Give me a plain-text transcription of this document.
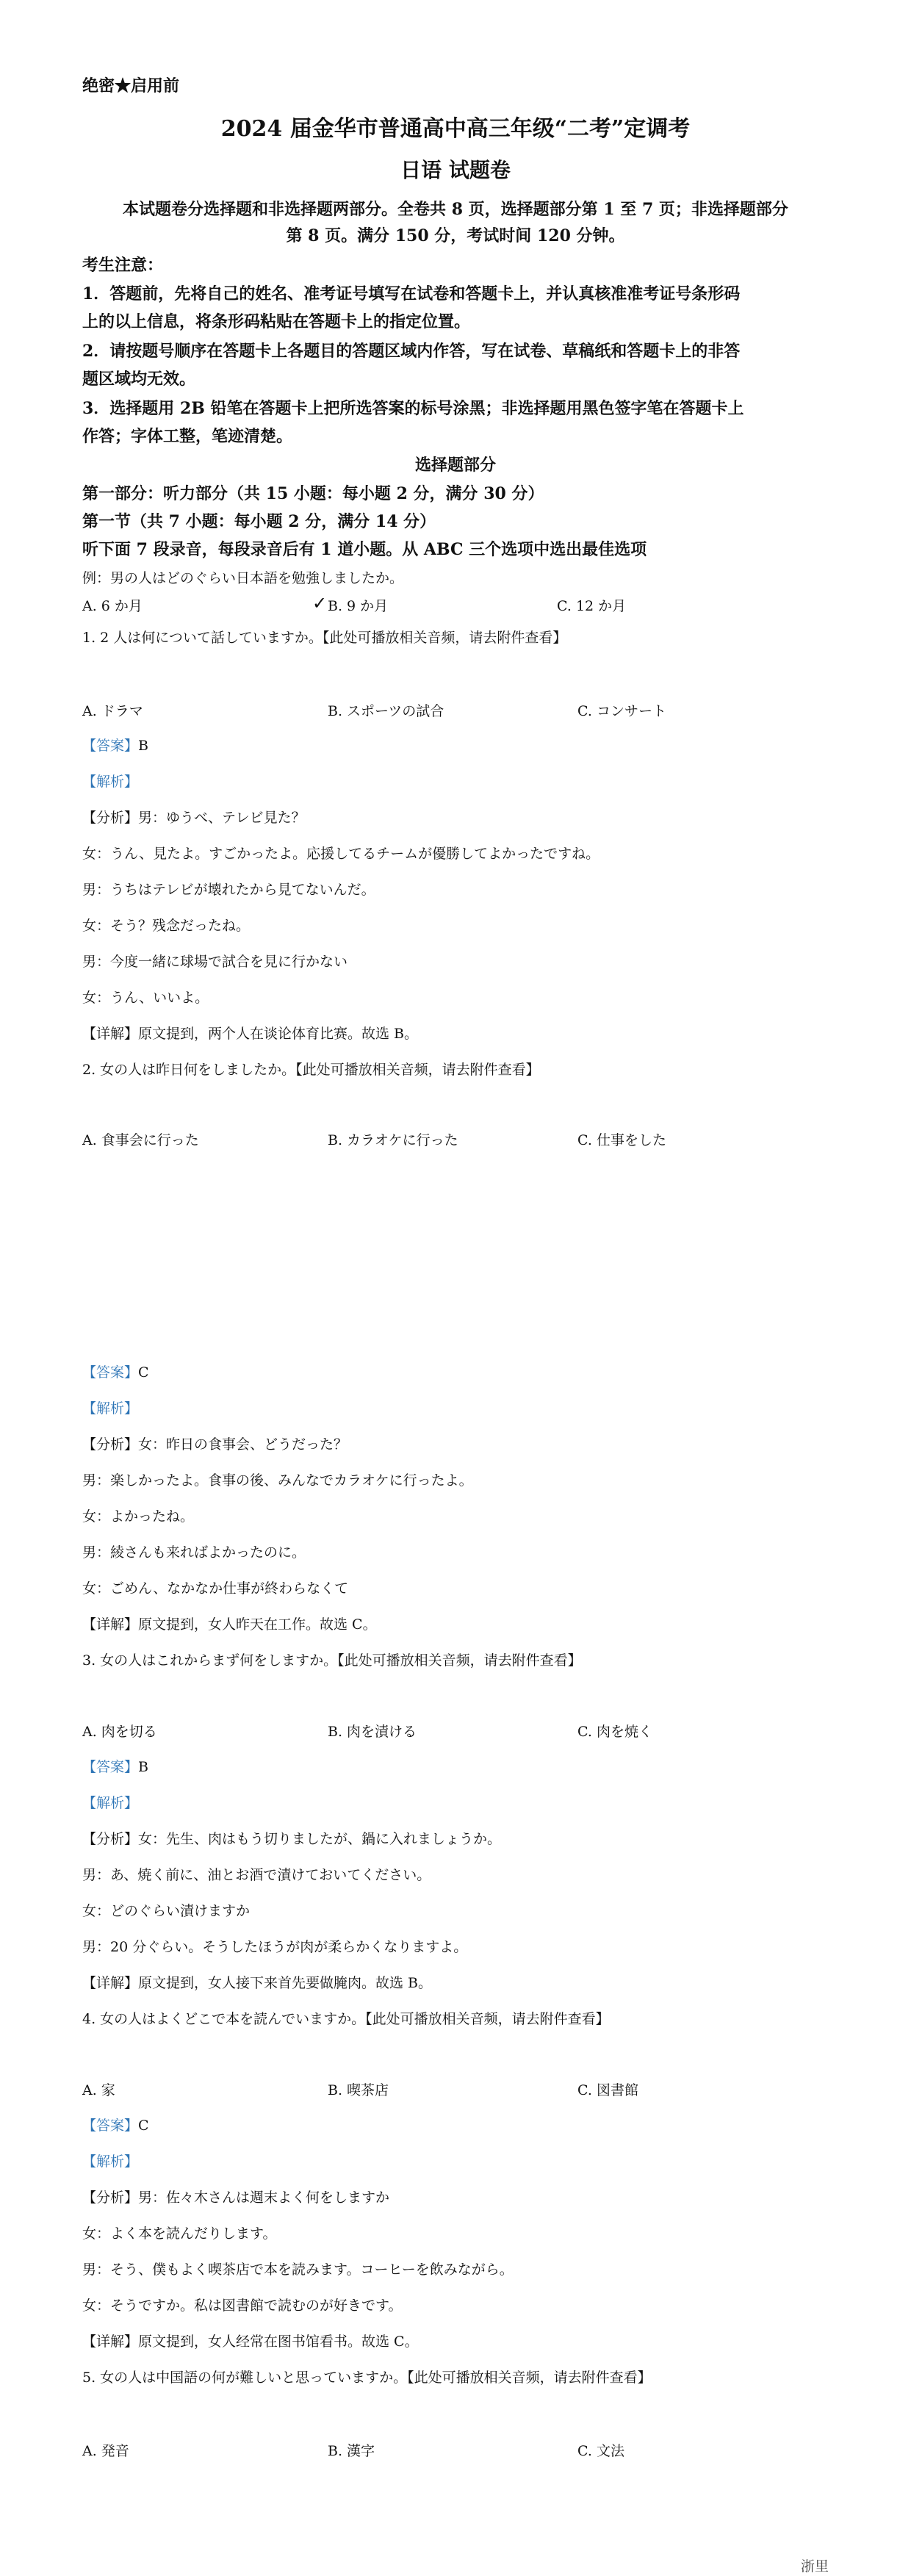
绝密★启用前
2024 届金华市普通高中高三年级“二考”定调考
日语 试题卷
本试题卷分选择题和非选择题两部分。全卷共 8 页，选择题部分第 1 至 7 页；非选择题部分
第 8 页。满分 150 分，考试时间 120 分钟。
考生注意：
1．答题前，先将自己的姓名、准考证号填写在试卷和答题卡上，并认真核准准考证号条形码
上的以上信息，将条形码粘贴在答题卡上的指定位置。
2．请按题号顺序在答题卡上各题目的答题区域内作答，写在试卷、草稿纸和答题卡上的非答
题区域均无效。
3．选择题用 2B 铅笔在答题卡上把所选答案的标号涂黑；非选择题用黑色签字笔在答题卡上
作答；字体工整，笔迹清楚。
选择题部分
第一部分：听力部分（共 15 小题：每小题 2 分，满分 30 分）
第一节（共 7 小题：每小题 2 分，满分 14 分）
听下面 7 段录音，每段录音后有 1 道小题。从 ABC 三个选项中选出最佳选项
例：男の人はどのぐらい日本語を勉強しましたか。
A. 6 か月	✓ B. 9 か月	C. 12 か月
1. 2 人は何について話していますか。【此处可播放相关音频，请去附件查看】
A. ドラマ	B. スポーツの試合	C. コンサート
【答案】B
【解析】
【分析】男：ゆうべ、テレビ見た？
女：うん、見たよ。すごかったよ。応援してるチームが優勝してよかったですね。
男：うちはテレビが壊れたから見てないんだ。
女：そう？残念だったね。
男：今度一緒に球場で試合を見に行かない
女：うん、いいよ。
【详解】原文提到，两个人在谈论体育比赛。故选 B。
2. 女の人は昨日何をしましたか。【此处可播放相关音频，请去附件查看】
A. 食事会に行った	B. カラオケに行った	C. 仕事をした
【答案】C
【解析】
【分析】女：昨日の食事会、どうだった？
男：楽しかったよ。食事の後、みんなでカラオケに行ったよ。
女：よかったね。
男：綾さんも来ればよかったのに。
女：ごめん、なかなか仕事が終わらなくて
【详解】原文提到，女人昨天在工作。故选 C。
3. 女の人はこれからまず何をしますか。【此处可播放相关音频，请去附件查看】
A. 肉を切る	B. 肉を漬ける	C. 肉を焼く
【答案】B
【解析】
【分析】女：先生、肉はもう切りましたが、鍋に入れましょうか。
男：あ、焼く前に、油とお酒で漬けておいてください。
女：どのぐらい漬けますか
男：20 分ぐらい。そうしたほうが肉が柔らかくなりますよ。
【详解】原文提到，女人接下来首先要做腌肉。故选 B。
4. 女の人はよくどこで本を読んでいますか。【此处可播放相关音频，请去附件查看】
A. 家	B. 喫茶店	C. 図書館
【答案】C
【解析】
【分析】男：佐々木さんは週末よく何をしますか
女：よく本を読んだりします。
男：そう、僕もよく喫茶店で本を読みます。コーヒーを飲みながら。
女：そうですか。私は図書館で読むのが好きです。
【详解】原文提到，女人经常在图书馆看书。故选 C。
5. 女の人は中国語の何が難しいと思っていますか。【此处可播放相关音频，请去附件查看】
A. 発音	B. 漢字	C. 文法
浙里
